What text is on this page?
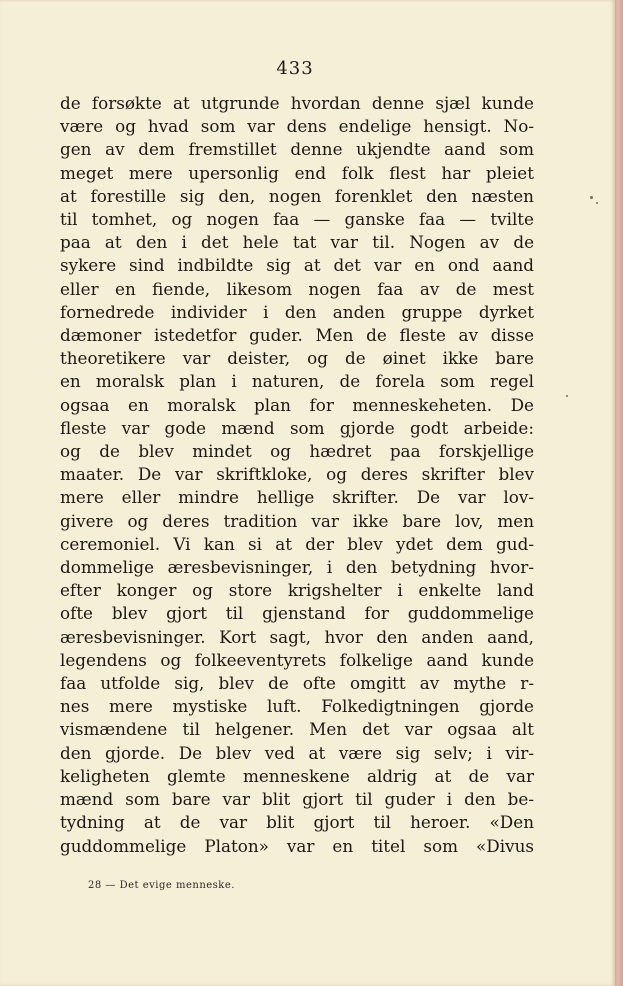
433
de forsøkte at utgrunde hvordan denne sjæl kunde
være og hvad som var dens endelige hensigt. No-
gen av dem fremstillet denne ukjendte aand som
meget mere upersonlig end folk flest har pleiet
at forestille sig den, nogen forenklet den næsten
til tomhet, og nogen faa — ganske faa — tvilte
paa at den i det hele tat var til. Nogen av de
sykere sind indbildte sig at det var en ond aand
eller en fiende, likesom nogen faa av de mest
fornedrede individer i den anden gruppe dyrket
dæmoner istedetfor guder. Men de fleste av disse
theoretikere var deister, og de øinet ikke bare
en moralsk plan i naturen, de forela som regel
ogsaa en moralsk plan for menneskeheten. De
fleste var gode mænd som gjorde godt arbeide:
og de blev mindet og hædret paa forskjellige
maater. De var skriftkloke, og deres skrifter blev
mere eller mindre hellige skrifter. De var lov-
givere og deres tradition var ikke bare lov, men
ceremoniel. Vi kan si at der blev ydet dem gud-
dommelige æresbevisninger, i den betydning hvor-
efter konger og store krigshelter i enkelte land
ofte blev gjort til gjenstand for guddommelige
æresbevisninger. Kort sagt, hvor den anden aand,
legendens og folkeeventyrets folkelige aand kunde
faa utfolde sig, blev de ofte omgitt av mythe r-
nes mere mystiske luft. Folkedigtningen gjorde
vismændene til helgener. Men det var ogsaa alt
den gjorde. De blev ved at være sig selv; i vir-
keligheten glemte menneskene aldrig at de var
mænd som bare var blit gjort til guder i den be-
tydning at de var blit gjort til heroer. «Den
guddommelige Platon» var en titel som «Divus
28 — Det evige menneske.
